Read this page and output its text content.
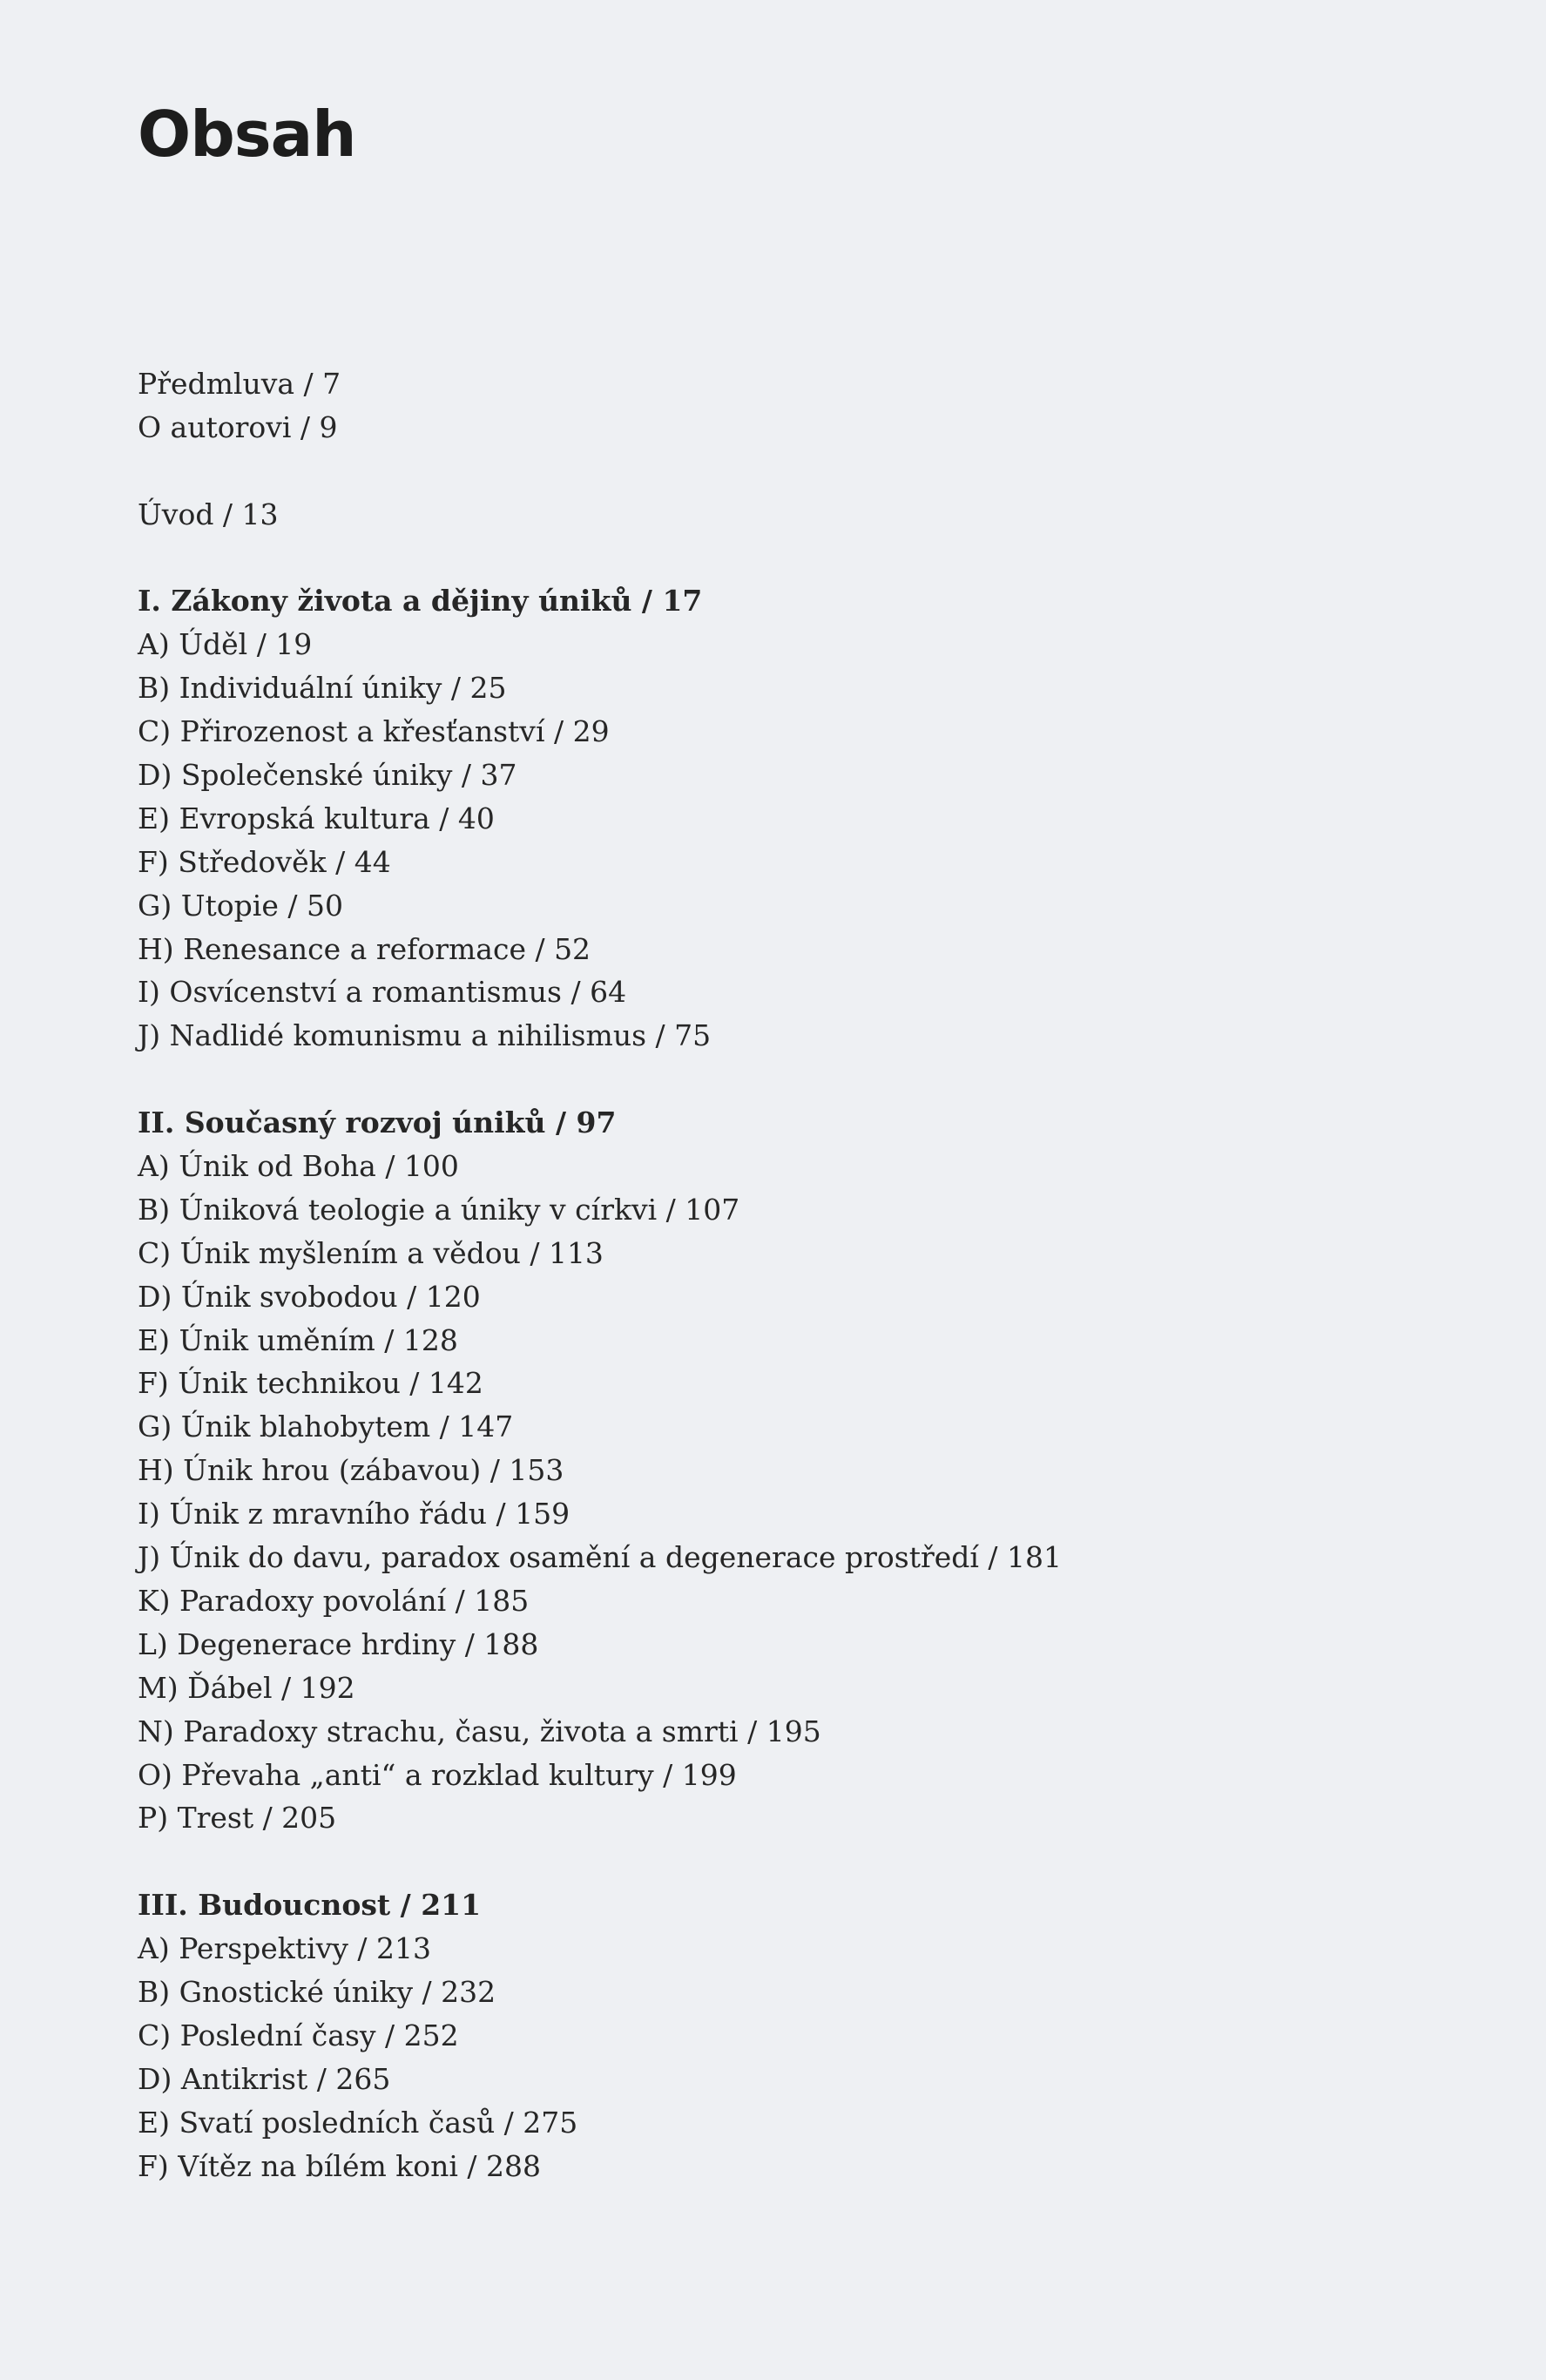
Obsah
Předmluva / 7
O autorovi / 9
Úvod / 13
I. Zákony života a dějiny úniků / 17
A) Úděl / 19
B) Individuální úniky / 25
C) Přirozenost a křesťanství / 29
D) Společenské úniky / 37
E) Evropská kultura / 40
F) Středověk / 44
G) Utopie / 50
H) Renesance a reformace / 52
I) Osvícenství a romantismus / 64
J) Nadlidé komunismu a nihilismus / 75
II. Současný rozvoj úniků / 97
A) Únik od Boha / 100
B) Úniková teologie a úniky v církvi / 107
C) Únik myšlením a vědou / 113
D) Únik svobodou / 120
E) Únik uměním / 128
F) Únik technikou / 142
G) Únik blahobytem / 147
H) Únik hrou (zábavou) / 153
I) Únik z mravního řádu / 159
J) Únik do davu, paradox osamění a degenerace prostředí / 181
K) Paradoxy povolání / 185
L) Degenerace hrdiny / 188
M) Ďábel / 192
N) Paradoxy strachu, času, života a smrti / 195
O) Převaha „anti“ a rozklad kultury / 199
P) Trest / 205
III. Budoucnost / 211
A) Perspektivy / 213
B) Gnostické úniky / 232
C) Poslední časy / 252
D) Antikrist / 265
E) Svatí posledních časů / 275
F) Vítěz na bílém koni / 288
